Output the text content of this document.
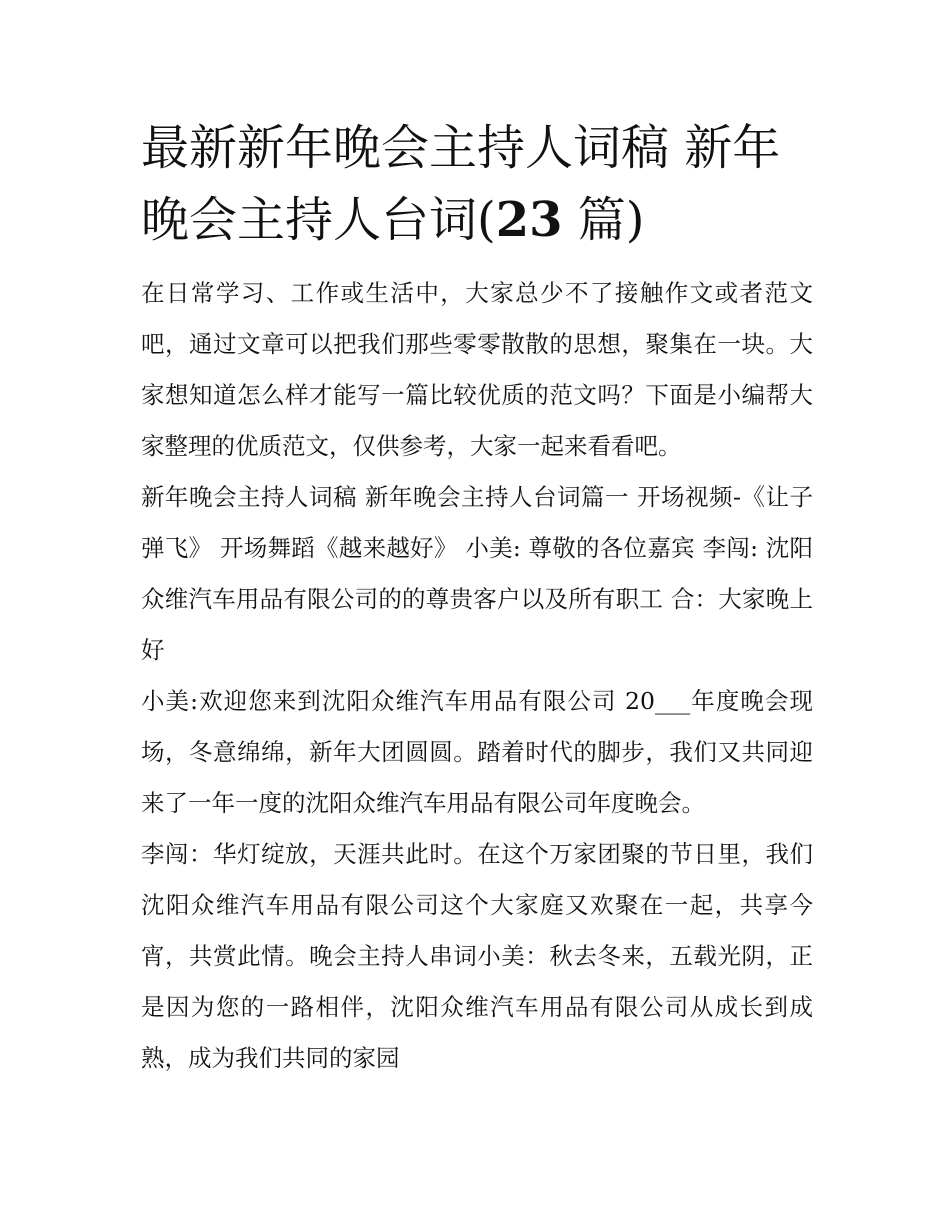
最新新年晚会主持人词稿 新年晚会主持人台词(23 篇)

在日常学习、工作或生活中，大家总少不了接触作文或者范文吧，通过文章可以把我们那些零零散散的思想，聚集在一块。大家想知道怎么样才能写一篇比较优质的范文吗？下面是小编帮大家整理的优质范文，仅供参考，大家一起来看看吧。

新年晚会主持人词稿 新年晚会主持人台词篇一 开场视频-《让子弹飞》 开场舞蹈《越来越好》 小美: 尊敬的各位嘉宾 李闯: 沈阳众维汽车用品有限公司的的尊贵客户以及所有职工 合：大家晚上好

小美:欢迎您来到沈阳众维汽车用品有限公司 20___年度晚会现场，冬意绵绵，新年大团圆圆。踏着时代的脚步，我们又共同迎来了一年一度的沈阳众维汽车用品有限公司年度晚会。

李闯：华灯绽放，天涯共此时。在这个万家团聚的节日里，我们沈阳众维汽车用品有限公司这个大家庭又欢聚在一起，共享今宵，共赏此情。晚会主持人串词小美：秋去冬来，五载光阴，正是因为您的一路相伴，沈阳众维汽车用品有限公司从成长到成熟，成为我们共同的家园
